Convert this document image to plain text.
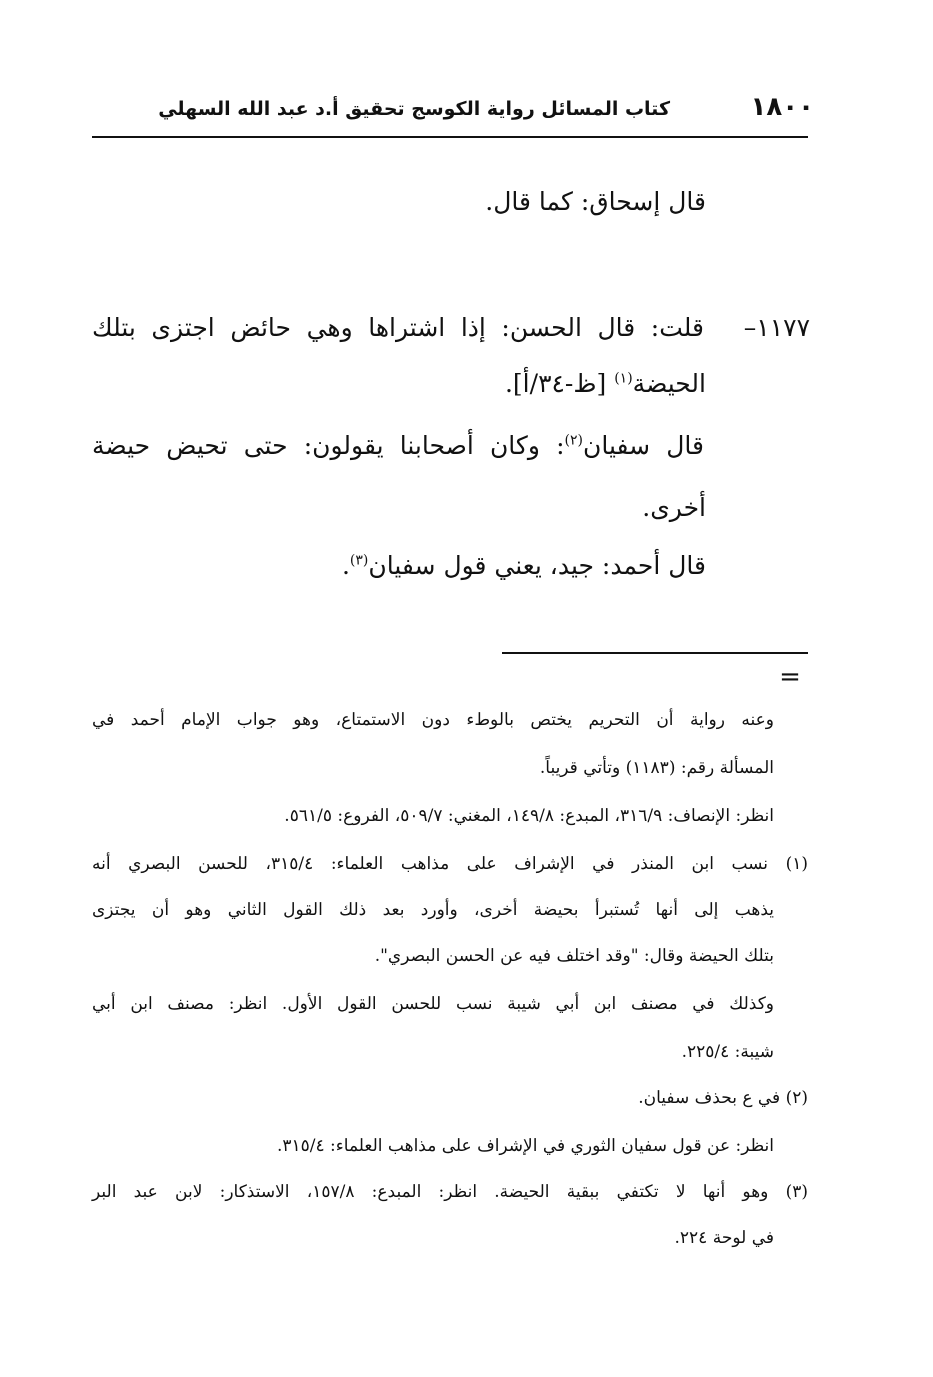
١٨٠٠
كتاب المسائل رواية الكوسج تحقيق أ.د عبد الله السهلي
قال إسحاق: كما قال.
١١٧٧–
قلت: قال الحسن: إذا اشتراها وهي حائض اجتزى بتلك
الحيضة$^{(١)}$ [ظ-٣٤/أ].
قال سفيان$^{(٢)}$: وكان أصحابنا يقولون: حتى تحيض حيضة
أخرى.
قال أحمد: جيد، يعني قول سفيان$^{(٣)}$.
=
وعنه رواية أن التحريم يختص بالوطء دون الاستمتاع، وهو جواب الإمام أحمد في
المسألة رقم: (١١٨٣) وتأتي قريباً.
انظر: الإنصاف: ٣١٦/٩، المبدع: ١٤٩/٨، المغني: ٥٠٩/٧، الفروع: ٥٦١/٥.
(١) نسب ابن المنذر في الإشراف على مذاهب العلماء: ٣١٥/٤، للحسن البصري أنه
يذهب إلى أنها تُستبرأ بحيضة أخرى، وأورد بعد ذلك القول الثاني وهو أن يجتزى
بتلك الحيضة وقال: "وقد اختلف فيه عن الحسن البصري".
وكذلك في مصنف ابن أبي شيبة نسب للحسن القول الأول. انظر: مصنف ابن أبي
شيبة: ٢٢٥/٤.
(٢) في ع بحذف سفيان.
انظر: عن قول سفيان الثوري في الإشراف على مذاهب العلماء: ٣١٥/٤.
(٣) وهو أنها لا تكتفي ببقية الحيضة. انظر: المبدع: ١٥٧/٨، الاستذكار: لابن عبد البر
في لوحة ٢٢٤.
